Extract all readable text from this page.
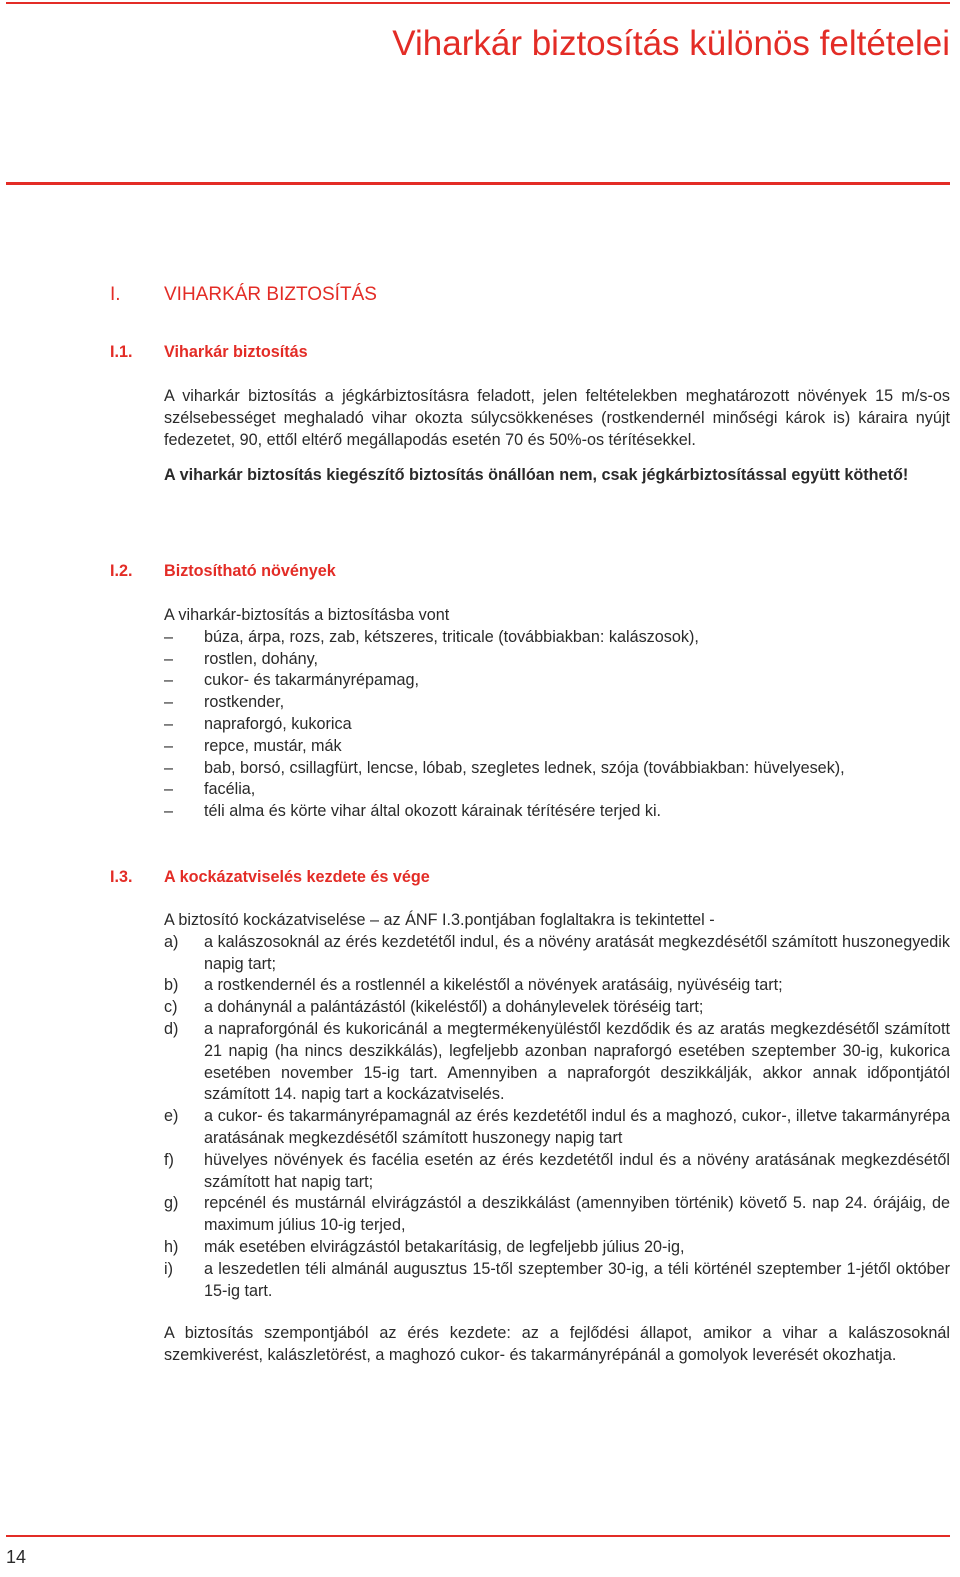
Viharkár biztosítás különös feltételei
I. VIHARKÁR BIZTOSÍTÁS
I.1. Viharkár biztosítás

A viharkár biztosítás a jégkárbiztosításra feladott, jelen feltételekben meghatározott növények 15 m/s-os szélsebességet meghaladó vihar okozta súlycsökkenéses (rostkendernél minőségi károk is) káraira nyújt fedezetet, 90, ettől eltérő megállapodás esetén 70 és 50%-os térítésekkel.

A viharkár biztosítás kiegészítő biztosítás önállóan nem, csak jégkárbiztosítással együtt köthető!

I.2. Biztosítható növények

A viharkár-biztosítás a biztosításba vont

– búza, árpa, rozs, zab, kétszeres, triticale (továbbiakban: kalászosok),
– rostlen, dohány,
– cukor- és takarmányrépamag,
– rostkender,
– napraforgó, kukorica
– repce, mustár, mák
– bab, borsó, csillagfürt, lencse, lóbab, szegletes lednek, szója (továbbiakban: hüvelyesek),
– facélia,
– téli alma és körte vihar által okozott kárainak térítésére terjed ki.
I.3. A kockázatviselés kezdete és vége

A biztosító kockázatviselése – az ÁNF I.3.pontjában foglaltakra is tekintettel -

a) a kalászosoknál az érés kezdetétől indul, és a növény aratását megkezdésétől számított huszonegyedik napig tart;
b) a rostkendernél és a rostlennél a kikeléstől a növények aratásáig, nyüvéséig tart;
c) a dohánynál a palántázástól (kikeléstől) a dohánylevelek töréséig tart;
d) a napraforgónál és kukoricánál a megtermékenyüléstől kezdődik és az aratás megkezdésétől számított 21 napig (ha nincs deszikkálás), legfeljebb azonban napraforgó esetében szeptember 30-ig, kukorica esetében november 15-ig tart. Amennyiben a napraforgót deszikkálják, akkor annak időpontjától számított 14. napig tart a kockázatviselés.
e) a cukor- és takarmányrépamagnál az érés kezdetétől indul és a maghozó, cukor-, illetve takarmányrépa aratásának megkezdésétől számított huszonegy napig tart
f) hüvelyes növények és facélia esetén az érés kezdetétől indul és a növény aratásának megkezdésétől számított hat napig tart;
g) repcénél és mustárnál elvirágzástól a deszikkálást (amennyiben történik) követő 5. nap 24. órájáig, de maximum július 10-ig terjed,
h) mák esetében elvirágzástól betakarításig, de legfeljebb július 20-ig,
i) a leszedetlen téli almánál augusztus 15-től szeptember 30-ig, a téli körténél szeptember 1-jétől október 15-ig tart.

A biztosítás szempontjából az érés kezdete: az a fejlődési állapot, amikor a vihar a kalászosoknál szemkiverést, kalászletörést, a maghozó cukor- és takarmányrépánál a gomolyok leverését okozhatja.

14
